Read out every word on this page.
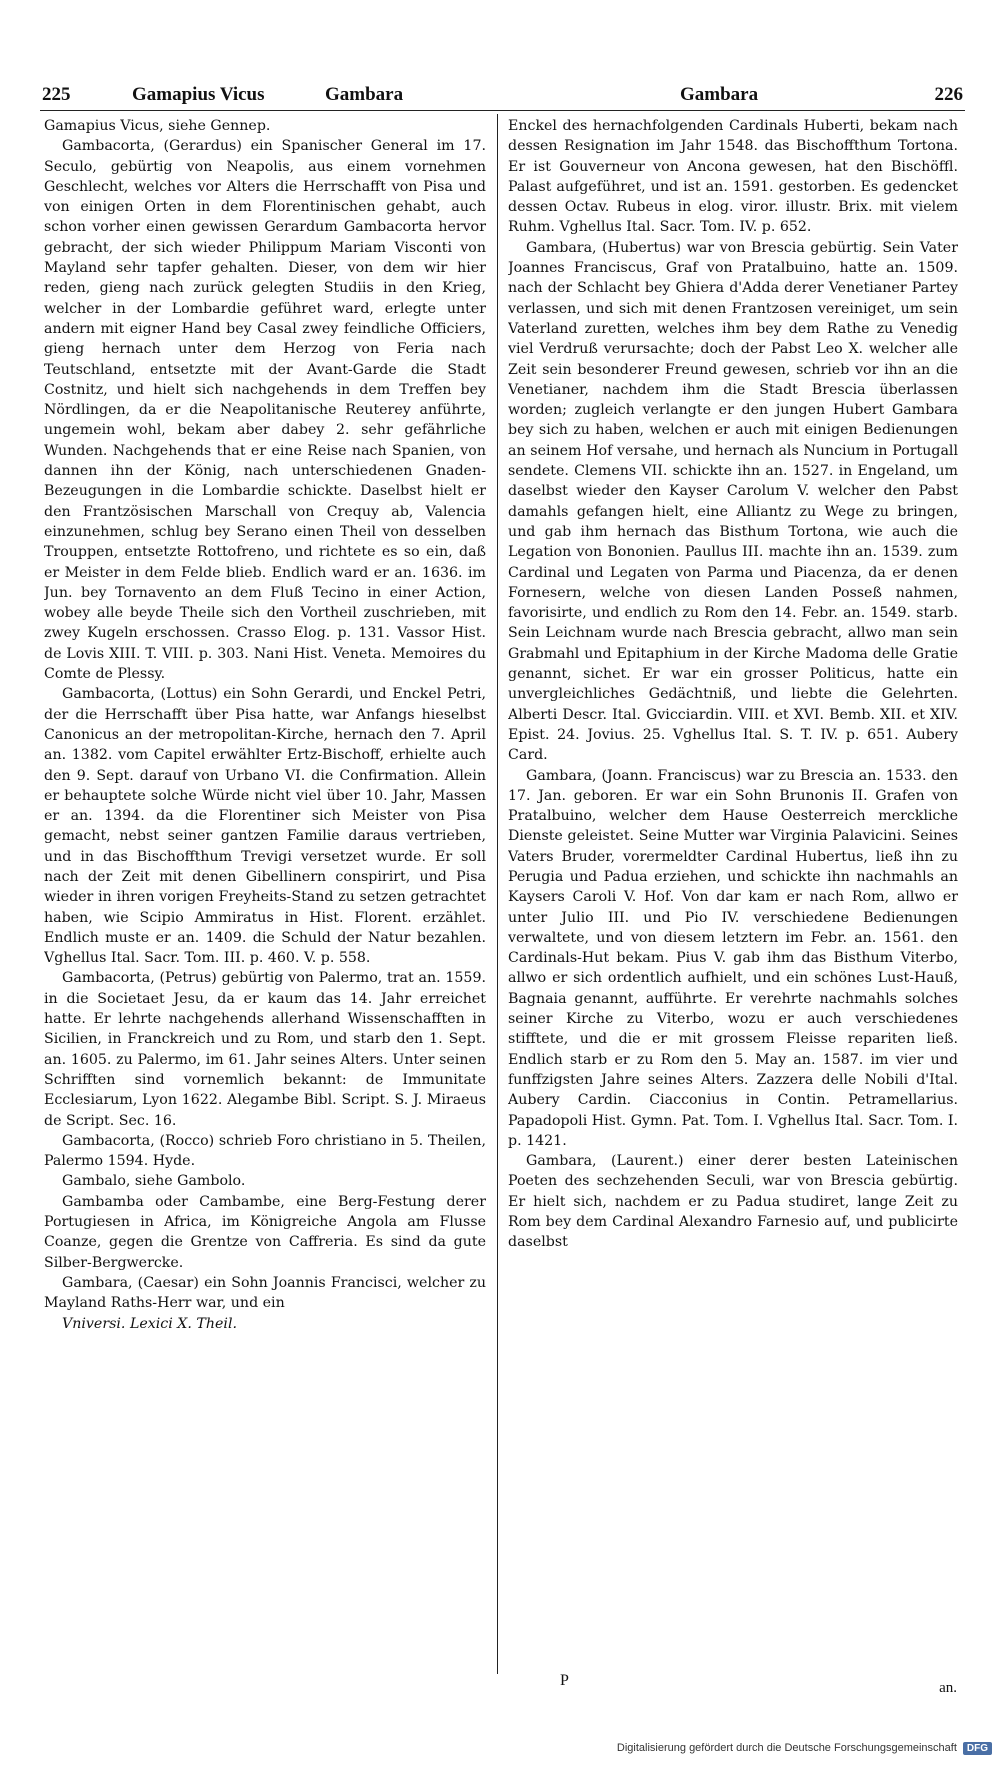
225	Gamapius Vicus	Gambara	Gambara	226

Gamapius Vicus, siehe Gennep.

Gambacorta, (Gerardus) ein Spanischer General im 17. Seculo, gebürtig von Neapolis, aus einem vornehmen Geschlecht, welches vor Alters die Herrschafft von Pisa und von einigen Orten in dem Florentinischen gehabt, auch schon vorher einen gewissen Gerardum Gambacorta hervor gebracht, der sich wieder Philippum Mariam Visconti von Mayland sehr tapfer gehalten. Dieser, von dem wir hier reden, gieng nach zurück gelegten Studiis in den Krieg, welcher in der Lombardie geführet ward, erlegte unter andern mit eigner Hand bey Casal zwey feindliche Officiers, gieng hernach unter dem Herzog von Feria nach Teutschland, entsetzte mit der Avant-Garde die Stadt Costnitz, und hielt sich nachgehends in dem Treffen bey Nördlingen, da er die Neapolitanische Reuterey anführte, ungemein wohl, bekam aber dabey 2. sehr gefährliche Wunden. Nachgehends that er eine Reise nach Spanien, von dannen ihn der König, nach unterschiedenen Gnaden-Bezeugungen in die Lombardie schickte. Daselbst hielt er den Frantzösischen Marschall von Crequy ab, Valencia einzunehmen, schlug bey Serano einen Theil von desselben Trouppen, entsetzte Rottofreno, und richtete es so ein, daß er Meister in dem Felde blieb. Endlich ward er an. 1636. im Jun. bey Tornavento an dem Fluß Tecino in einer Action, wobey alle beyde Theile sich den Vortheil zuschrieben, mit zwey Kugeln erschossen. Crasso Elog. p. 131. Vassor Hist. de Lovis XIII. T. VIII. p. 303. Nani Hist. Veneta. Memoires du Comte de Plessy.

Gambacorta, (Lottus) ein Sohn Gerardi, und Enckel Petri, der die Herrschafft über Pisa hatte, war Anfangs hieselbst Canonicus an der metropolitan-Kirche, hernach den 7. April an. 1382. vom Capitel erwählter Ertz-Bischoff, erhielte auch den 9. Sept. darauf von Urbano VI. die Confirmation. Allein er behauptete solche Würde nicht viel über 10. Jahr, Massen er an. 1394. da die Florentiner sich Meister von Pisa gemacht, nebst seiner gantzen Familie daraus vertrieben, und in das Bischoffthum Trevigi versetzet wurde. Er soll nach der Zeit mit denen Gibellinern conspirirt, und Pisa wieder in ihren vorigen Freyheits-Stand zu setzen getrachtet haben, wie Scipio Ammiratus in Hist. Florent. erzählet. Endlich muste er an. 1409. die Schuld der Natur bezahlen. Vghellus Ital. Sacr. Tom. III. p. 460. V. p. 558.

Gambacorta, (Petrus) gebürtig von Palermo, trat an. 1559. in die Societaet Jesu, da er kaum das 14. Jahr erreichet hatte. Er lehrte nachgehends allerhand Wissenschafften in Sicilien, in Franckreich und zu Rom, und starb den 1. Sept. an. 1605. zu Palermo, im 61. Jahr seines Alters. Unter seinen Schrifften sind vornemlich bekannt: de Immunitate Ecclesiarum, Lyon 1622. Alegambe Bibl. Script. S. J. Miraeus de Script. Sec. 16.

Gambacorta, (Rocco) schrieb Foro christiano in 5. Theilen, Palermo 1594. Hyde.

Gambalo, siehe Gambolo.

Gambamba oder Cambambe, eine Berg-Festung derer Portugiesen in Africa, im Königreiche Angola am Flusse Coanze, gegen die Grentze von Caffreria. Es sind da gute Silber-Bergwercke.

Gambara, (Caesar) ein Sohn Joannis Francisci, welcher zu Mayland Raths-Herr war, und ein

Vniversi. Lexici X. Theil.

Enckel des hernachfolgenden Cardinals Huberti, bekam nach dessen Resignation im Jahr 1548. das Bischoffthum Tortona. Er ist Gouverneur von Ancona gewesen, hat den Bischöffl. Palast aufgeführet, und ist an. 1591. gestorben. Es gedencket dessen Octav. Rubeus in elog. viror. illustr. Brix. mit vielem Ruhm. Vghellus Ital. Sacr. Tom. IV. p. 652.

Gambara, (Hubertus) war von Brescia gebürtig. Sein Vater Joannes Franciscus, Graf von Pratalbuino, hatte an. 1509. nach der Schlacht bey Ghiera d'Adda derer Venetianer Partey verlassen, und sich mit denen Frantzosen vereiniget, um sein Vaterland zuretten, welches ihm bey dem Rathe zu Venedig viel Verdruß verursachte; doch der Pabst Leo X. welcher alle Zeit sein besonderer Freund gewesen, schrieb vor ihn an die Venetianer, nachdem ihm die Stadt Brescia überlassen worden; zugleich verlangte er den jungen Hubert Gambara bey sich zu haben, welchen er auch mit einigen Bedienungen an seinem Hof versahe, und hernach als Nuncium in Portugall sendete. Clemens VII. schickte ihn an. 1527. in Engeland, um daselbst wieder den Kayser Carolum V. welcher den Pabst damahls gefangen hielt, eine Alliantz zu Wege zu bringen, und gab ihm hernach das Bisthum Tortona, wie auch die Legation von Bononien. Paullus III. machte ihn an. 1539. zum Cardinal und Legaten von Parma und Piacenza, da er denen Fornesern, welche von diesen Landen Posseß nahmen, favorisirte, und endlich zu Rom den 14. Febr. an. 1549. starb. Sein Leichnam wurde nach Brescia gebracht, allwo man sein Grabmahl und Epitaphium in der Kirche Madoma delle Gratie genannt, sichet. Er war ein grosser Politicus, hatte ein unvergleichliches Gedächtniß, und liebte die Gelehrten. Alberti Descr. Ital. Gvicciardin. VIII. et XVI. Bemb. XII. et XIV. Epist. 24. Jovius. 25. Vghellus Ital. S. T. IV. p. 651. Aubery Card.

Gambara, (Joann. Franciscus) war zu Brescia an. 1533. den 17. Jan. geboren. Er war ein Sohn Brunonis II. Grafen von Pratalbuino, welcher dem Hause Oesterreich merckliche Dienste geleistet. Seine Mutter war Virginia Palavicini. Seines Vaters Bruder, vorermeldter Cardinal Hubertus, ließ ihn zu Perugia und Padua erziehen, und schickte ihn nachmahls an Kaysers Caroli V. Hof. Von dar kam er nach Rom, allwo er unter Julio III. und Pio IV. verschiedene Bedienungen verwaltete, und von diesem letztern im Febr. an. 1561. den Cardinals-Hut bekam. Pius V. gab ihm das Bisthum Viterbo, allwo er sich ordentlich aufhielt, und ein schönes Lust-Hauß, Bagnaia genannt, aufführte. Er verehrte nachmahls solches seiner Kirche zu Viterbo, wozu er auch verschiedenes stifftete, und die er mit grossem Fleisse repariten ließ. Endlich starb er zu Rom den 5. May an. 1587. im vier und funffzigsten Jahre seines Alters. Zazzera delle Nobili d'Ital. Aubery Cardin. Ciacconius in Contin. Petramellarius. Papadopoli Hist. Gymn. Pat. Tom. I. Vghellus Ital. Sacr. Tom. I. p. 1421.

Gambara, (Laurent.) einer derer besten Lateinischen Poeten des sechzehenden Seculi, war von Brescia gebürtig. Er hielt sich, nachdem er zu Padua studiret, lange Zeit zu Rom bey dem Cardinal Alexandro Farnesio auf, und publicirte daselbst

P	an.
Digitalisierung gefördert durch die Deutsche Forschungsgemeinschaft	DFG
